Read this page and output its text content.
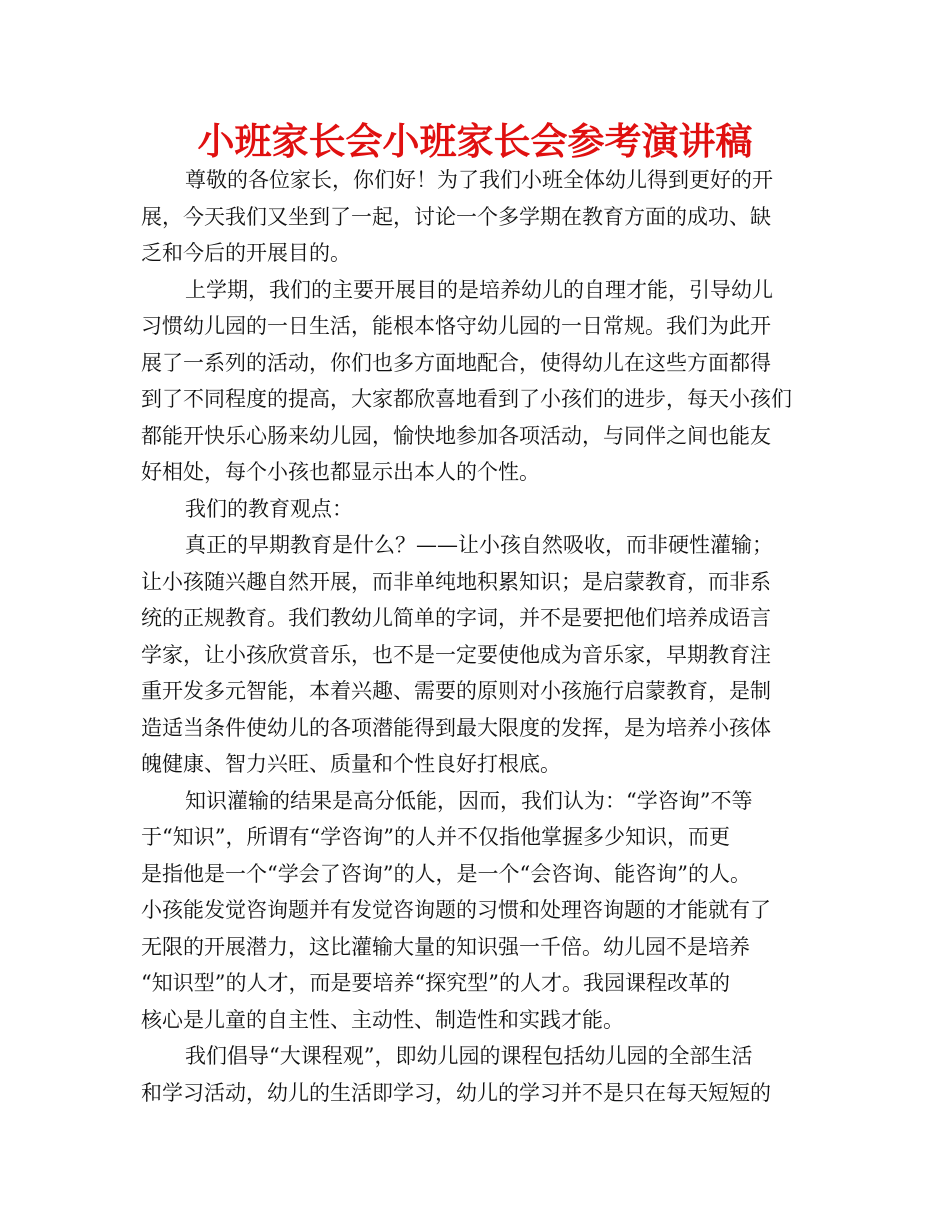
小班家长会小班家长会参考演讲稿
尊敬的各位家长，你们好！为了我们小班全体幼儿得到更好的开
展，今天我们又坐到了一起，讨论一个多学期在教育方面的成功、缺
乏和今后的开展目的。
上学期，我们的主要开展目的是培养幼儿的自理才能，引导幼儿
习惯幼儿园的一日生活，能根本恪守幼儿园的一日常规。我们为此开
展了一系列的活动，你们也多方面地配合，使得幼儿在这些方面都得
到了不同程度的提高，大家都欣喜地看到了小孩们的进步，每天小孩们
都能开快乐心肠来幼儿园，愉快地参加各项活动，与同伴之间也能友
好相处，每个小孩也都显示出本人的个性。
我们的教育观点：
真正的早期教育是什么？——让小孩自然吸收，而非硬性灌输；
让小孩随兴趣自然开展，而非单纯地积累知识；是启蒙教育，而非系
统的正规教育。我们教幼儿简单的字词，并不是要把他们培养成语言
学家，让小孩欣赏音乐，也不是一定要使他成为音乐家，早期教育注
重开发多元智能，本着兴趣、需要的原则对小孩施行启蒙教育，是制
造适当条件使幼儿的各项潜能得到最大限度的发挥，是为培养小孩体
魄健康、智力兴旺、质量和个性良好打根底。
知识灌输的结果是高分低能，因而，我们认为：“学咨询”不等
于“知识”，所谓有“学咨询”的人并不仅指他掌握多少知识，而更
是指他是一个“学会了咨询”的人，是一个“会咨询、能咨询”的人。
小孩能发觉咨询题并有发觉咨询题的习惯和处理咨询题的才能就有了
无限的开展潜力，这比灌输大量的知识强一千倍。幼儿园不是培养
“知识型”的人才，而是要培养“探究型”的人才。我园课程改革的
核心是儿童的自主性、主动性、制造性和实践才能。
我们倡导“大课程观”，即幼儿园的课程包括幼儿园的全部生活
和学习活动，幼儿的生活即学习，幼儿的学习并不是只在每天短短的
